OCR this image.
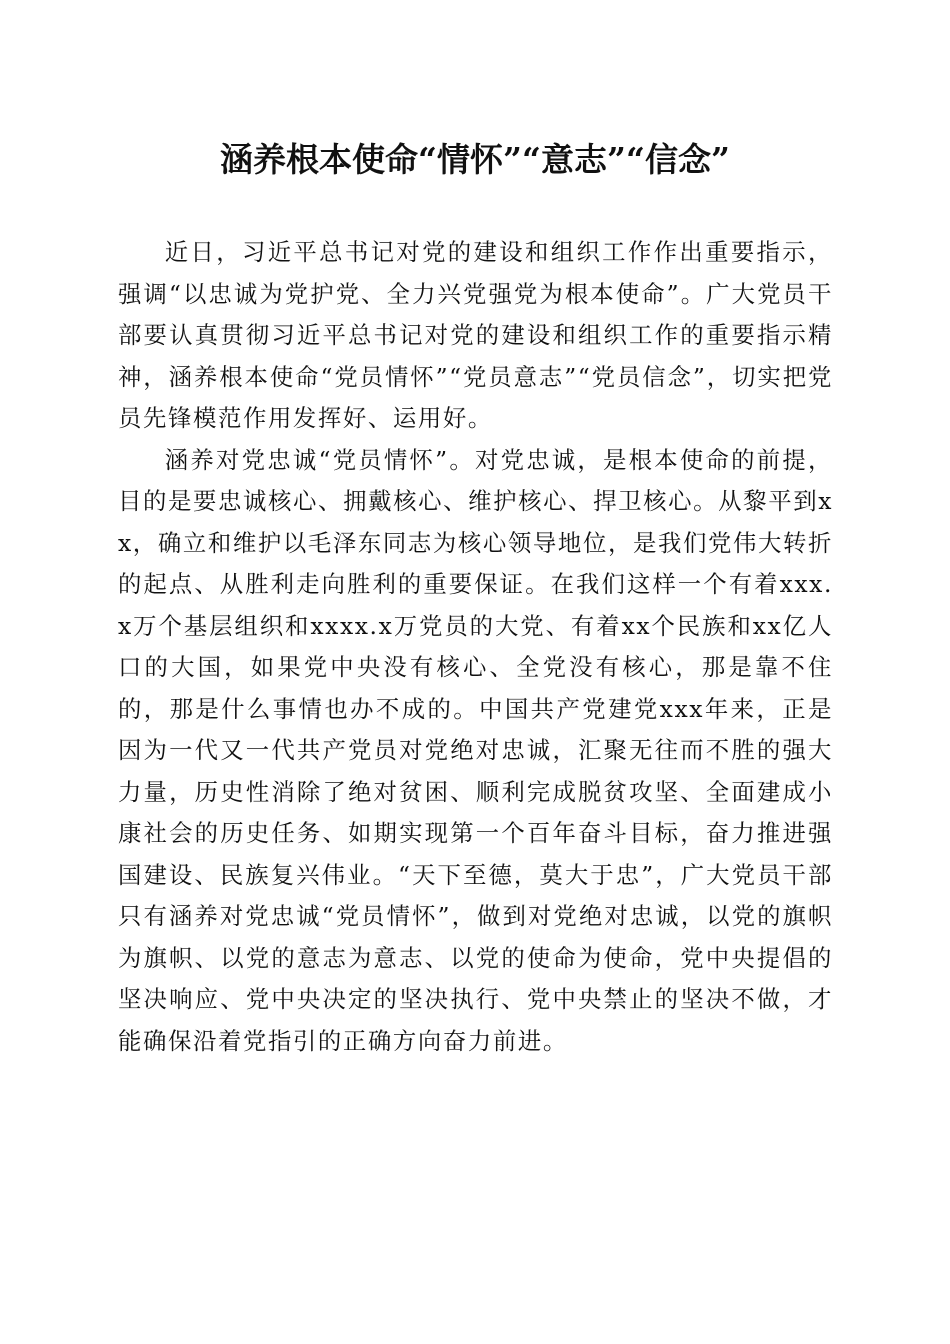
涵养根本使命“情怀”“意志”“信念”

近日，习近平总书记对党的建设和组织工作作出重要指示，强调“以忠诚为党护党、全力兴党强党为根本使命”。广大党员干部要认真贯彻习近平总书记对党的建设和组织工作的重要指示精神，涵养根本使命“党员情怀”“党员意志”“党员信念”，切实把党员先锋模范作用发挥好、运用好。

涵养对党忠诚“党员情怀”。对党忠诚，是根本使命的前提，目的是要忠诚核心、拥戴核心、维护核心、捍卫核心。从黎平到xx，确立和维护以毛泽东同志为核心领导地位，是我们党伟大转折的起点、从胜利走向胜利的重要保证。在我们这样一个有着xxx.x万个基层组织和xxxx.x万党员的大党、有着xx个民族和xx亿人口的大国，如果党中央没有核心、全党没有核心，那是靠不住的，那是什么事情也办不成的。中国共产党建党xxx年来，正是因为一代又一代共产党员对党绝对忠诚，汇聚无往而不胜的强大力量，历史性消除了绝对贫困、顺利完成脱贫攻坚、全面建成小康社会的历史任务、如期实现第一个百年奋斗目标，奋力推进强国建设、民族复兴伟业。“天下至德，莫大于忠”，广大党员干部只有涵养对党忠诚“党员情怀”，做到对党绝对忠诚，以党的旗帜为旗帜、以党的意志为意志、以党的使命为使命，党中央提倡的坚决响应、党中央决定的坚决执行、党中央禁止的坚决不做，才能确保沿着党指引的正确方向奋力前进。
